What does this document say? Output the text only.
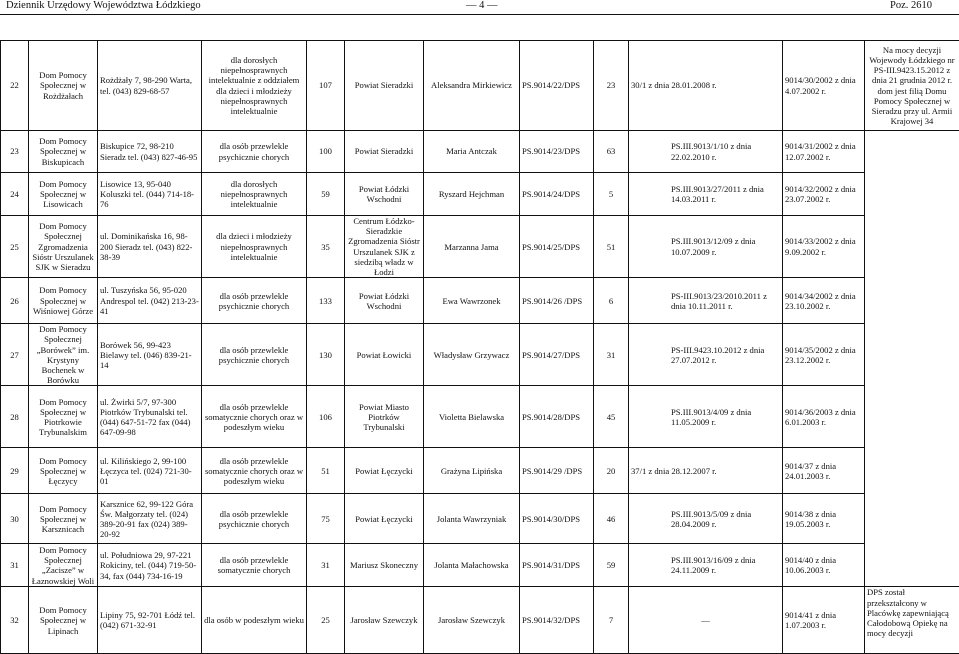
Dziennik Urzędowy Województwa Łódzkiego	— 4 —	Poz. 2610
22	Dom Pomocy Społecznej w Rożdżałach	Rożdżały 7, 98-290 Warta, tel. (043) 829-68-57	dla dorosłych niepełnosprawnych intelektualnie z oddziałem dla dzieci i młodzieży niepełnosprawnych intelektualnie	107	Powiat Sieradzki	Aleksandra Mirkiewicz	PS.9014/22/DPS	23	30/1 z dnia 28.01.2008 r.	9014/30/2002 z dnia 4.07.2002 r.	Na mocy decyzji Wojewody Łódzkiego nr PS-III.9423.15.2012 z dnia 21 grudnia 2012 r. dom jest filią Domu Pomocy Społecznej w Sieradzu przy ul. Armii Krajowej 34
23	Dom Pomocy Społecznej w Biskupicach	Biskupice 72, 98-210 Sieradz tel. (043) 827-46-95	dla osób przewlekle psychicznie chorych	100	Powiat Sieradzki	Maria Antczak	PS.9014/23/DPS	63	PS.III.9013/1/10 z dnia 22.02.2010 r.	9014/31/2002 z dnia 12.07.2002 r.	
24	Dom Pomocy Społecznej w Lisowicach	Lisowice 13, 95-040 Koluszki tel. (044) 714-18-76	dla dorosłych niepełnosprawnych intelektualnie	59	Powiat Łódzki Wschodni	Ryszard Hejchman	PS.9014/24/DPS	5	PS.III.9013/27/2011 z dnia 14.03.2011 r.	9014/32/2002 z dnia 23.07.2002 r.	
25	Dom Pomocy Społecznej Zgromadzenia Sióstr Urszulanek SJK w Sieradzu	ul. Dominikańska 16, 98-200 Sieradz tel. (043) 822-38-39	dla dzieci i młodzieży niepełnosprawnych intelektualnie	35	Centrum Łódzko-Sieradzkie Zgromadzenia Sióstr Urszulanek SJK z siedzibą władz w Łodzi	Marzanna Jama	PS.9014/25/DPS	51	PS.III.9013/12/09 z dnia 10.07.2009 r.	9014/33/2002 z dnia 9.09.2002 r.	
26	Dom Pomocy Społecznej w Wiśniowej Górze	ul. Tuszyńska 56, 95-020 Andrespol tel. (042) 213-23-41	dla osób przewlekle psychicznie chorych	133	Powiat Łódzki Wschodni	Ewa Wawrzonek	PS.9014/26 /DPS	6	PS-III.9013/23/2010.2011 z dnia 10.11.2011 r.	9014/34/2002 z dnia 23.10.2002 r.	
27	Dom Pomocy Społecznej „Borówek” im. Krystyny Bochenek w Borówku	Borówek 56, 99-423 Bielawy tel. (046) 839-21-14	dla osób przewlekle psychicznie chorych	130	Powiat Łowicki	Władysław Grzywacz	PS.9014/27/DPS	31	PS-III.9423.10.2012 z dnia 27.07.2012 r.	9014/35/2002 z dnia 23.12.2002 r.	
28	Dom Pomocy Społecznej w Piotrkowie Trybunalskim	ul. Żwirki 5/7, 97-300 Piotrków Trybunalski tel. (044) 647-51-72 fax (044) 647-09-98	dla osób przewlekle somatycznie chorych oraz w podeszłym wieku	106	Powiat Miasto Piotrków Trybunalski	Violetta Bielawska	PS.9014/28/DPS	45	PS.III.9013/4/09 z dnia 11.05.2009 r.	9014/36/2003 z dnia 6.01.2003 r.	
29	Dom Pomocy Społecznej w Łęczycy	ul. Kilińskiego 2, 99-100 Łęczyca tel. (024) 721-30-01	dla osób przewlekle somatycznie chorych oraz w podeszłym wieku	51	Powiat Łęczycki	Grażyna Lipińska	PS.9014/29 /DPS	20	37/1 z dnia 28.12.2007 r.	9014/37 z dnia 24.01.2003 r.	
30	Dom Pomocy Społecznej w Karsznicach	Karsznice 62, 99-122 Góra Św. Małgorzaty tel. (024) 389-20-91 fax (024) 389-20-92	dla osób przewlekle psychicznie chorych	75	Powiat Łęczycki	Jolanta Wawrzyniak	PS.9014/30/DPS	46	PS.III.9013/5/09 z dnia 28.04.2009 r.	9014/38 z dnia 19.05.2003 r.	
31	Dom Pomocy Społecznej „Zacisze” w Łaznowskiej Woli	ul. Południowa 29, 97-221 Rokiciny, tel. (044) 719-50-34, fax (044) 734-16-19	dla osób przewlekle somatycznie chorych	31	Mariusz Skoneczny	Jolanta Małachowska	PS.9014/31/DPS	59	PS.III.9013/16/09 z dnia 24.11.2009 r.	9014/40 z dnia 10.06.2003 r.	
32	Dom Pomocy Społecznej w Lipinach	Lipiny 75, 92-701 Łódź tel. (042) 671-32-91	dla osób w podeszłym wieku	25	Jarosław Szewczyk	Jarosław Szewczyk	PS.9014/32/DPS	7	—	9014/41 z dnia 1.07.2003 r.	DPS został przekształcony w Placówkę zapewniającą Całodobową Opiekę na mocy decyzji
